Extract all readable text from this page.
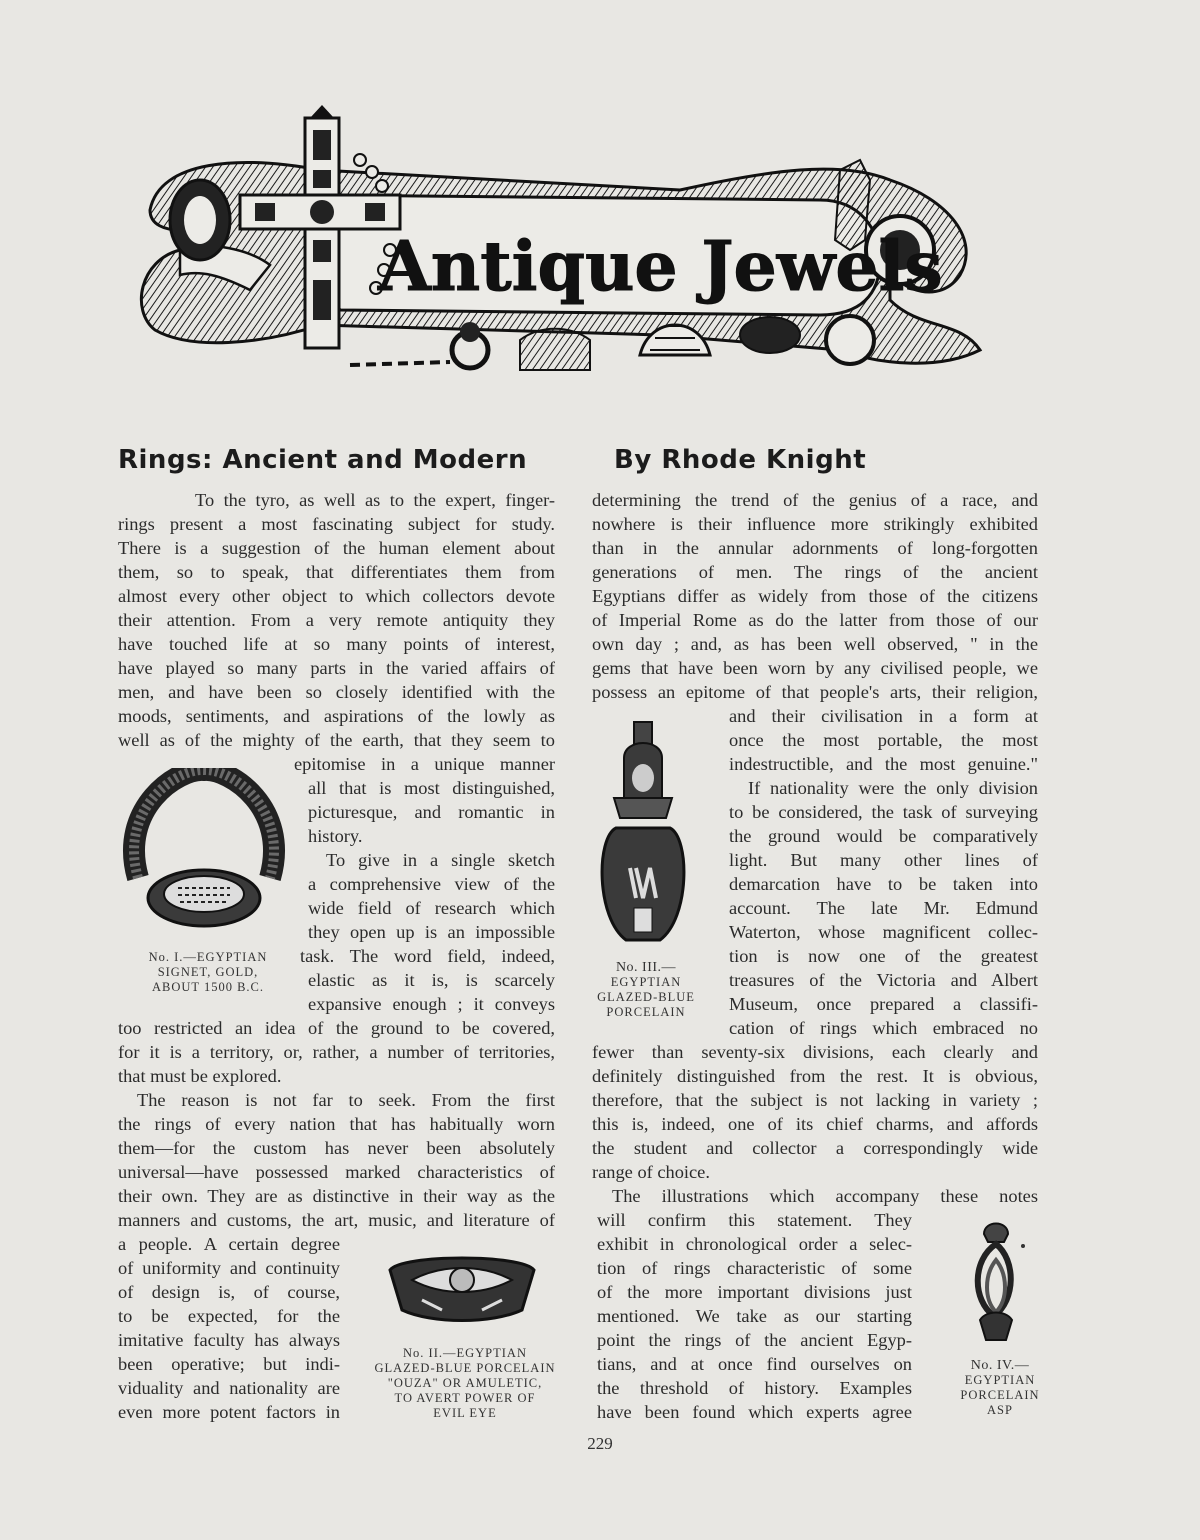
Antique Jewels
Rings: Ancient and Modern	By Rhode Knight
To the tyro, as well as to the expert, finger-
rings present a most fascinating subject for study.
There is a suggestion of the human element about
them, so to speak, that differentiates them from
almost every other object to which collectors devote
their attention. From a very remote antiquity they
have touched life at so many points of interest,
have played so many parts in the varied affairs of
men, and have been so closely identified with the
moods, sentiments, and aspirations of the lowly as
well as of the mighty of the earth, that they seem to
epitomise in a unique manner
all that is most distinguished,
picturesque, and romantic in
history.
To give in a single sketch
a comprehensive view of the
wide field of research which
they open up is an impossible
task. The word field, indeed,
elastic as it is, is scarcely
expansive enough ; it conveys
too restricted an idea of the ground to be covered,
for it is a territory, or, rather, a number of territories,
that must be explored.
The reason is not far to seek. From the first
the rings of every nation that has habitually worn
them—for the custom has never been absolutely
universal—have possessed marked characteristics of
their own. They are as distinctive in their way as the
manners and customs, the art, music, and literature of
a people. A certain degree
of uniformity and continuity
of design is, of course,
to be expected, for the
imitative faculty has always
been operative; but indi-
viduality and nationality are
even more potent factors in
determining the trend of the genius of a race, and
nowhere is their influence more strikingly exhibited
than in the annular adornments of long-forgotten
generations of men. The rings of the ancient
Egyptians differ as widely from those of the citizens
of Imperial Rome as do the latter from those of our
own day ; and, as has been well observed, " in the
gems that have been worn by any civilised people, we
possess an epitome of that people's arts, their religion,
and their civilisation in a form at
once the most portable, the most
indestructible, and the most genuine."
If nationality were the only division
to be considered, the task of surveying
the ground would be comparatively
light. But many other lines of
demarcation have to be taken into
account. The late Mr. Edmund
Waterton, whose magnificent collec-
tion is now one of the greatest
treasures of the Victoria and Albert
Museum, once prepared a classifi-
cation of rings which embraced no
fewer than seventy-six divisions, each clearly and
definitely distinguished from the rest. It is obvious,
therefore, that the subject is not lacking in variety ;
this is, indeed, one of its chief charms, and affords
the student and collector a correspondingly wide
range of choice.
The illustrations which accompany these notes
will confirm this statement. They
exhibit in chronological order a selec-
tion of rings characteristic of some
of the more important divisions just
mentioned. We take as our starting
point the rings of the ancient Egyp-
tians, and at once find ourselves on
the threshold of history. Examples
have been found which experts agree
No. I.—EGYPTIAN
SIGNET, GOLD,
ABOUT 1500 B.C.
No. II.—EGYPTIAN
GLAZED-BLUE PORCELAIN
"OUZA" OR AMULETIC,
TO AVERT POWER OF
EVIL EYE
No. III.—
EGYPTIAN
GLAZED-BLUE
PORCELAIN
No. IV.—
EGYPTIAN
PORCELAIN
ASP
229
